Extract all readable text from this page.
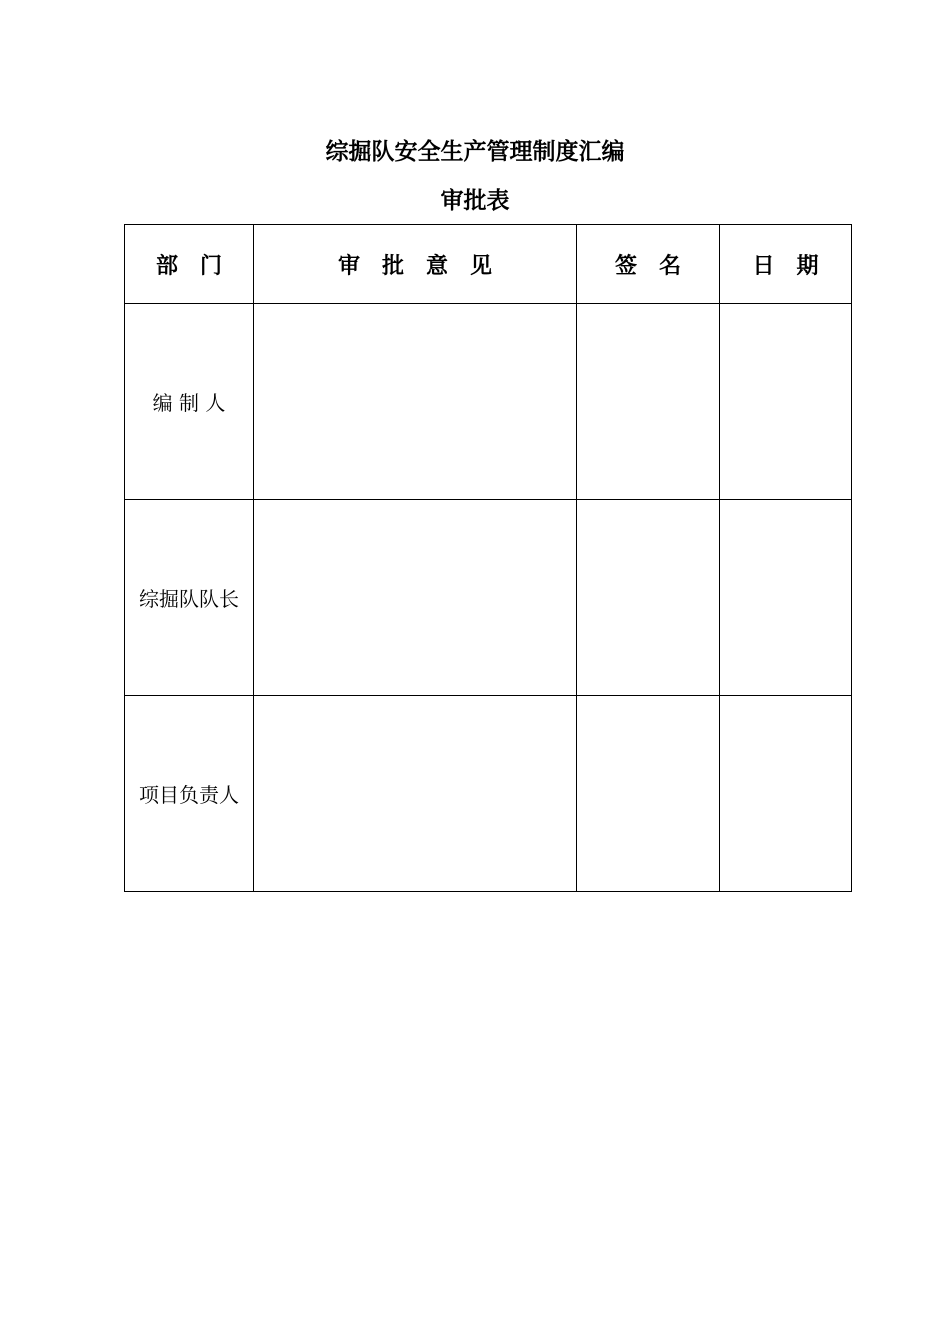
综掘队安全生产管理制度汇编
审批表
部　门	审　批　意　见	签　名	日　期
编 制 人			
综掘队队长			
项目负责人			
